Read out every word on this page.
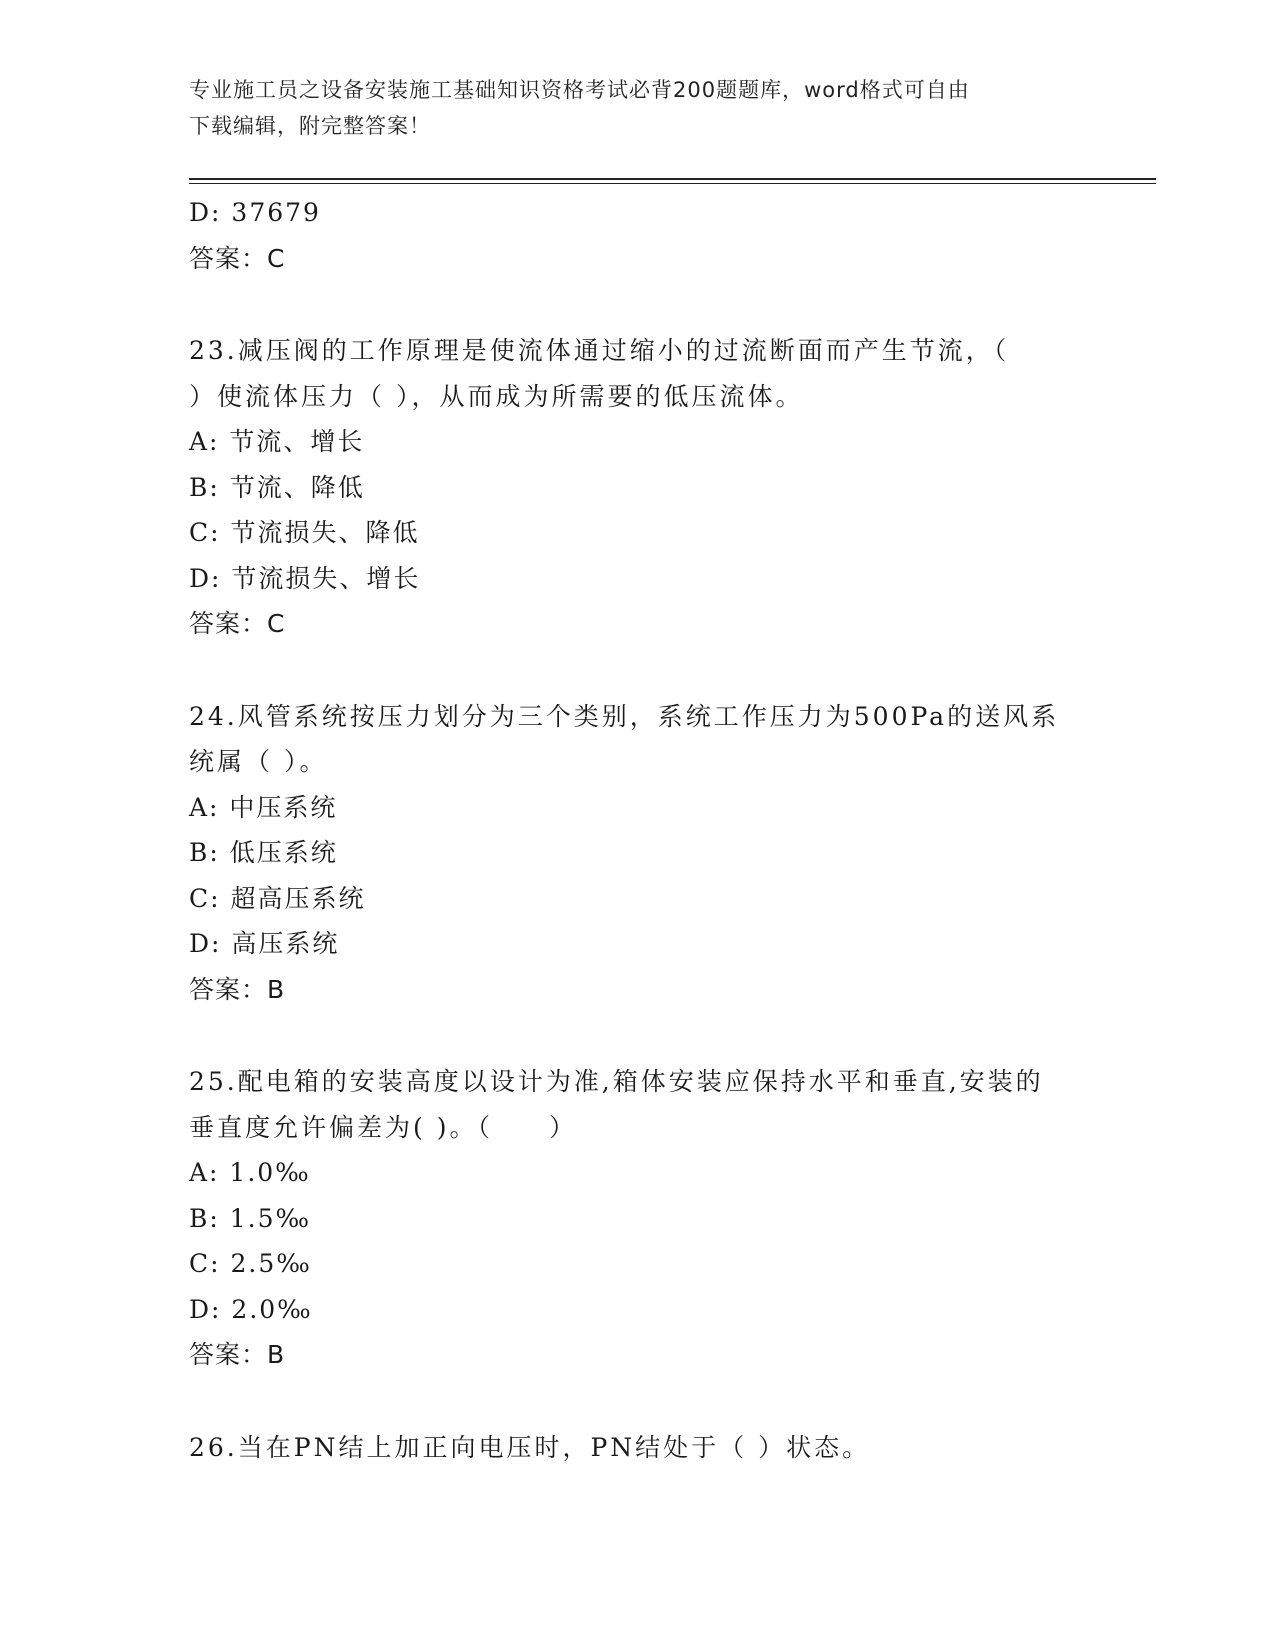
专业施工员之设备安装施工基础知识资格考试必背200题题库，word格式可自由
下载编辑，附完整答案！
D: 37679
答案：C
23.减压阀的工作原理是使流体通过缩小的过流断面而产生节流，（
）使流体压力（ ），从而成为所需要的低压流体。
A: 节流、增长
B: 节流、降低
C: 节流损失、降低
D: 节流损失、增长
答案：C
24.风管系统按压力划分为三个类别，系统工作压力为500Pa的送风系
统属（ ）。
A: 中压系统
B: 低压系统
C: 超高压系统
D: 高压系统
答案：B
25.配电箱的安装高度以设计为准,箱体安装应保持水平和垂直,安装的
垂直度允许偏差为( )。（　　）
A: 1.0‰
B: 1.5‰
C: 2.5‰
D: 2.0‰
答案：B
26.当在PN结上加正向电压时，PN结处于（ ）状态。
